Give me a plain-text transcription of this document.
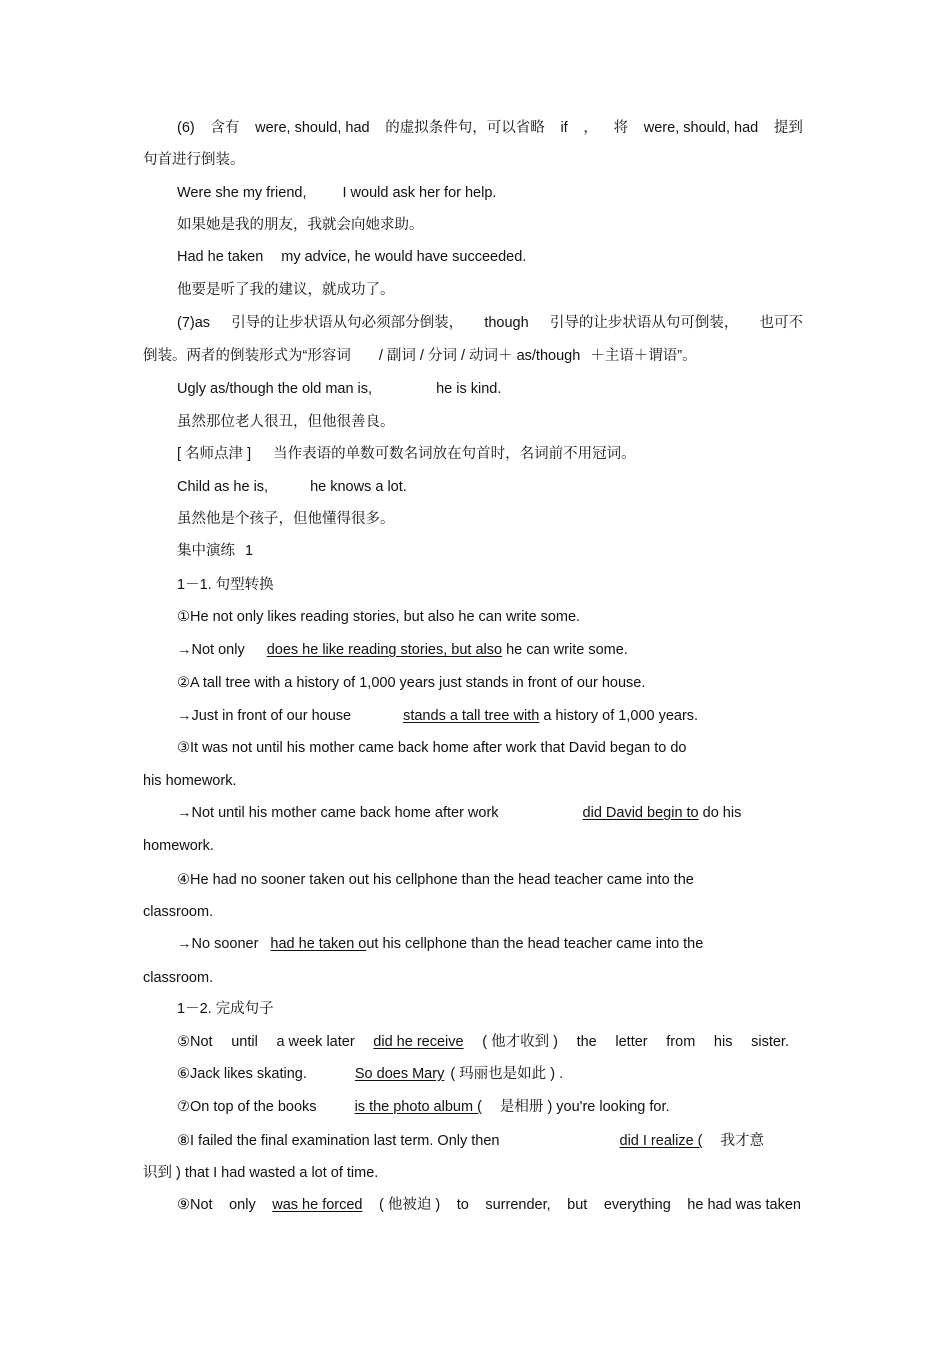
(6) 含有 were, should, had 的虚拟条件句，可以省略 if ， 将 were, should, had 提到
句首进行倒装。
Were she my friend, I would ask her for help.
如果她是我的朋友，我就会向她求助。
Had he taken my advice, he would have succeeded.
他要是听了我的建议，就成功了。
(7)as 引导的让步状语从句必须部分倒装， though 引导的让步状语从句可倒装， 也可不
倒装。两者的倒装形式为“形容词 / 副词 / 分词 / 动词＋ as/though ＋主语＋谓语”。
Ugly as/though the old man is,	he is kind.
虽然那位老人很丑，但他很善良。
[ 名师点津 ] 当作表语的单数可数名词放在句首时，名词前不用冠词。
Child as he is,	he knows a lot.
虽然他是个孩子，但他懂得很多。
集中演练 1
1－1. 句型转换
①He not only likes reading stories, but also he can write some.
→Not only does he like reading stories, but also he can write some.
②A tall tree with a history of 1,000 years just stands in front of our house.
→Just in front of our house	stands a tall tree with a history of 1,000 years.
③It was not until his mother came back home after work that David began to do
his homework.
→Not until his mother came back home after work	did David begin to do his
homework.
④He had no sooner taken out his cellphone than the head teacher came into the
classroom.
→No sooner had he taken out his cellphone than the head teacher came into the
classroom.
1－2. 完成句子
⑤Not until a week later did he receive ( 他才收到 ) the letter from his sister.
⑥Jack likes skating.	So does Mary ( 玛丽也是如此 ) .
⑦On top of the books	is the photo album ( 是相册 ) you're looking for.
⑧I failed the final examination last term. Only then	did I realize ( 我才意
识到 ) that I had wasted a lot of time.
⑨Not only was he forced ( 他被迫 ) to surrender, but everything he had was taken
